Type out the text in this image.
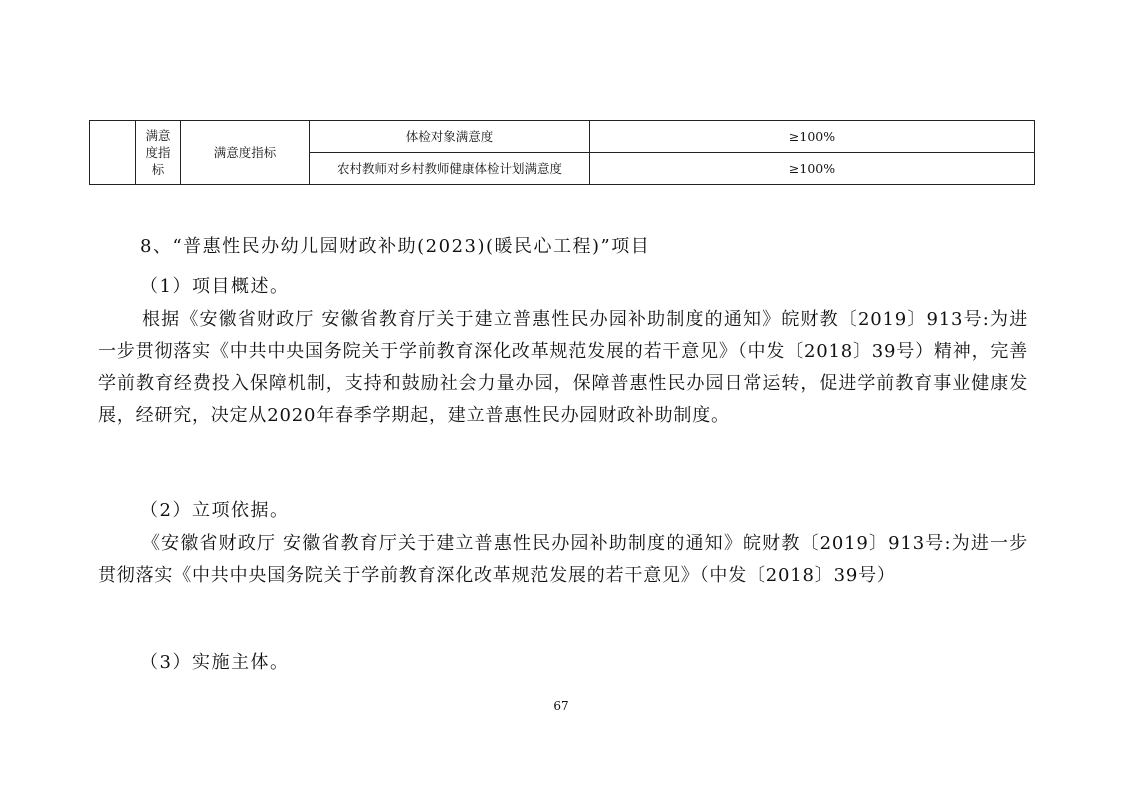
	满意度指标	满意度指标	体检对象满意度	≥100%
			农村教师对乡村教师健康体检计划满意度	≥100%
8、“普惠性民办幼儿园财政补助(2023)(暖民心工程)”项目
（1）项目概述。
根据《安徽省财政厅 安徽省教育厅关于建立普惠性民办园补助制度的通知》皖财教〔2019〕913号:为进一步贯彻落实《中共中央国务院关于学前教育深化改革规范发展的若干意见》（中发〔2018〕39号）精神，完善学前教育经费投入保障机制，支持和鼓励社会力量办园，保障普惠性民办园日常运转，促进学前教育事业健康发展，经研究，决定从2020年春季学期起，建立普惠性民办园财政补助制度。
（2）立项依据。
《安徽省财政厅 安徽省教育厅关于建立普惠性民办园补助制度的通知》皖财教〔2019〕913号:为进一步贯彻落实《中共中央国务院关于学前教育深化改革规范发展的若干意见》（中发〔2018〕39号）
（3）实施主体。
67
